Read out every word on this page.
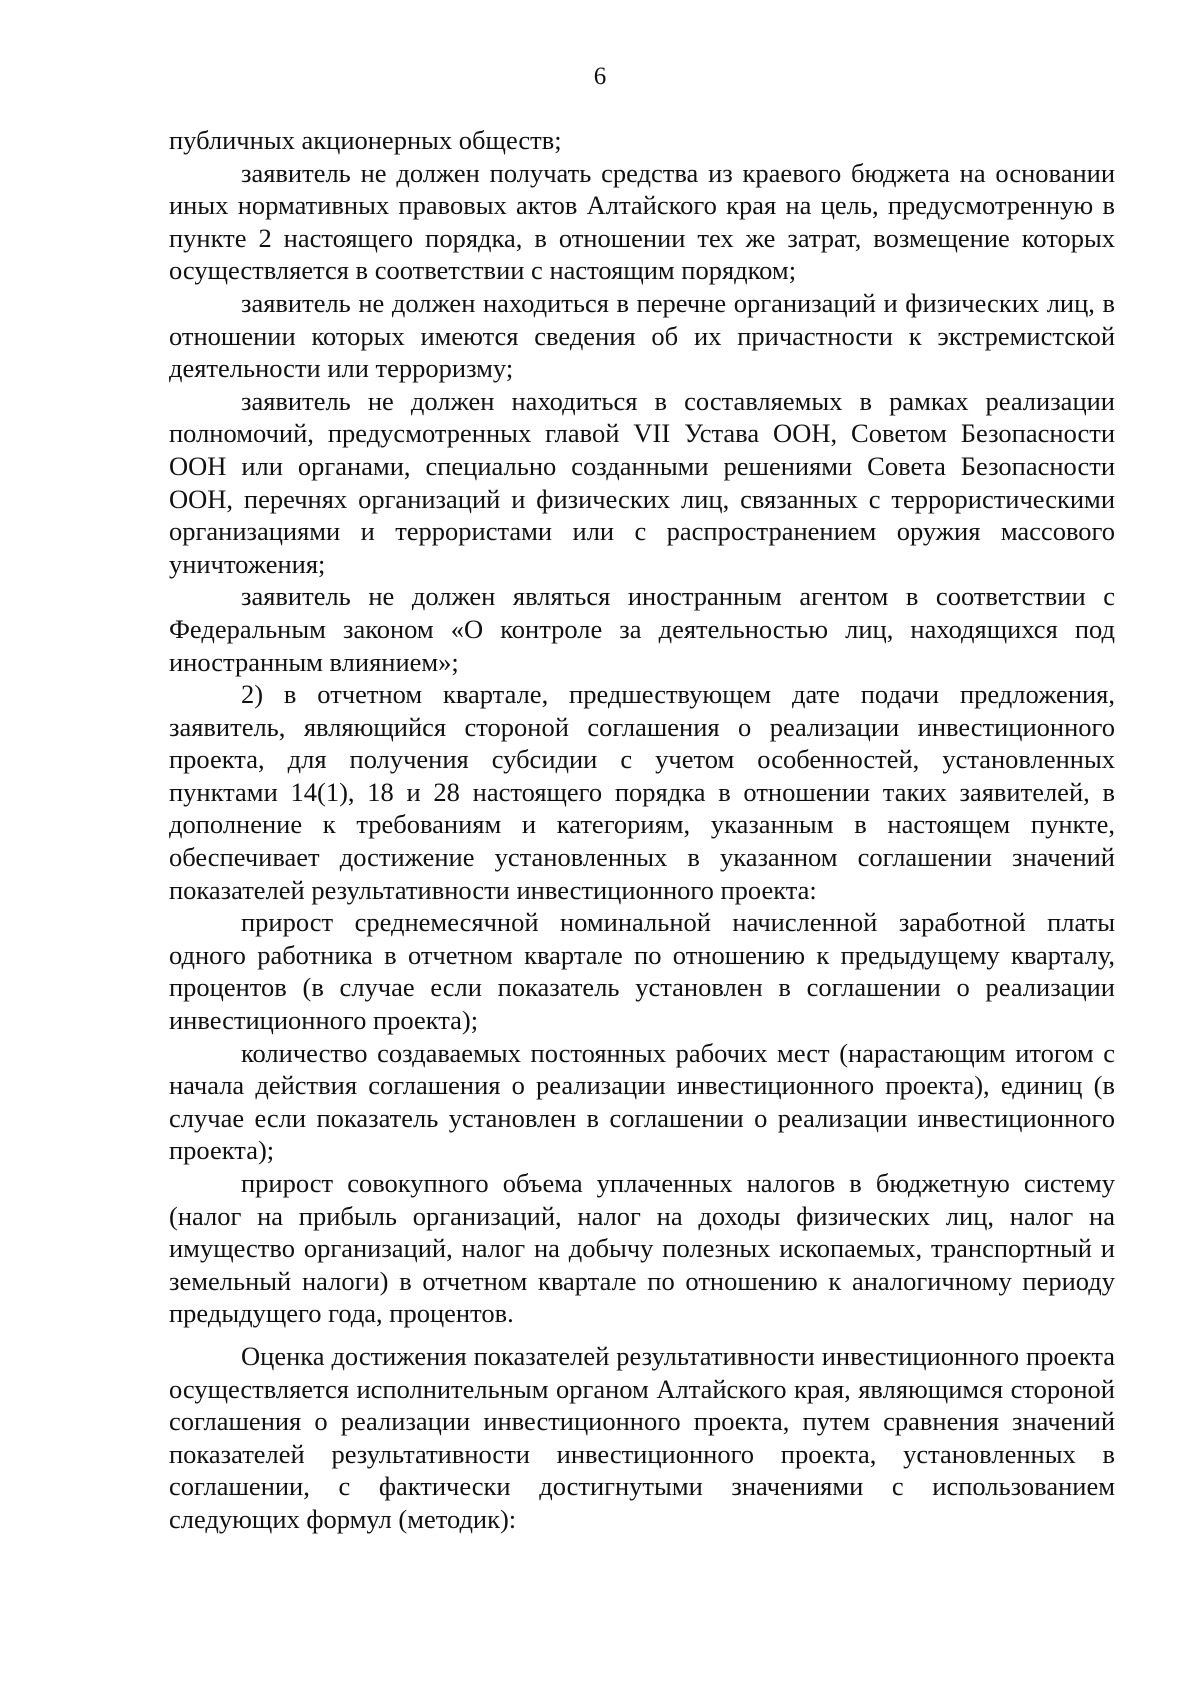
6

публичных акционерных обществ;

заявитель не должен получать средства из краевого бюджета на основании иных нормативных правовых актов Алтайского края на цель, предусмотренную в пункте 2 настоящего порядка, в отношении тех же затрат, возмещение которых осуществляется в соответствии с настоящим порядком;

заявитель не должен находиться в перечне организаций и физических лиц, в отношении которых имеются сведения об их причастности к экстремистской деятельности или терроризму;

заявитель не должен находиться в составляемых в рамках реализации полномочий, предусмотренных главой VII Устава ООН, Советом Безопасности ООН или органами, специально созданными решениями Совета Безопасности ООН, перечнях организаций и физических лиц, связанных с террористическими организациями и террористами или с распространением оружия массового уничтожения;

заявитель не должен являться иностранным агентом в соответствии с Федеральным законом «О контроле за деятельностью лиц, находящихся под иностранным влиянием»;

2) в отчетном квартале, предшествующем дате подачи предложения, заявитель, являющийся стороной соглашения о реализации инвестиционного проекта, для получения субсидии с учетом особенностей, установленных пунктами 14(1), 18 и 28 настоящего порядка в отношении таких заявителей, в дополнение к требованиям и категориям, указанным в настоящем пункте, обеспечивает достижение установленных в указанном соглашении значений показателей результативности инвестиционного проекта:

прирост среднемесячной номинальной начисленной заработной платы одного работника в отчетном квартале по отношению к предыдущему кварталу, процентов (в случае если показатель установлен в соглашении о реализации инвестиционного проекта);

количество создаваемых постоянных рабочих мест (нарастающим итогом с начала действия соглашения о реализации инвестиционного проекта), единиц (в случае если показатель установлен в соглашении о реализации инвестиционного проекта);

прирост совокупного объема уплаченных налогов в бюджетную систему (налог на прибыль организаций, налог на доходы физических лиц, налог на имущество организаций, налог на добычу полезных ископаемых, транспортный и земельный налоги) в отчетном квартале по отношению к аналогичному периоду предыдущего года, процентов.

Оценка достижения показателей результативности инвестиционного проекта осуществляется исполнительным органом Алтайского края, являющимся стороной соглашения о реализации инвестиционного проекта, путем сравнения значений показателей результативности инвестиционного проекта, установленных в соглашении, с фактически достигнутыми значениями с использованием следующих формул (методик):
